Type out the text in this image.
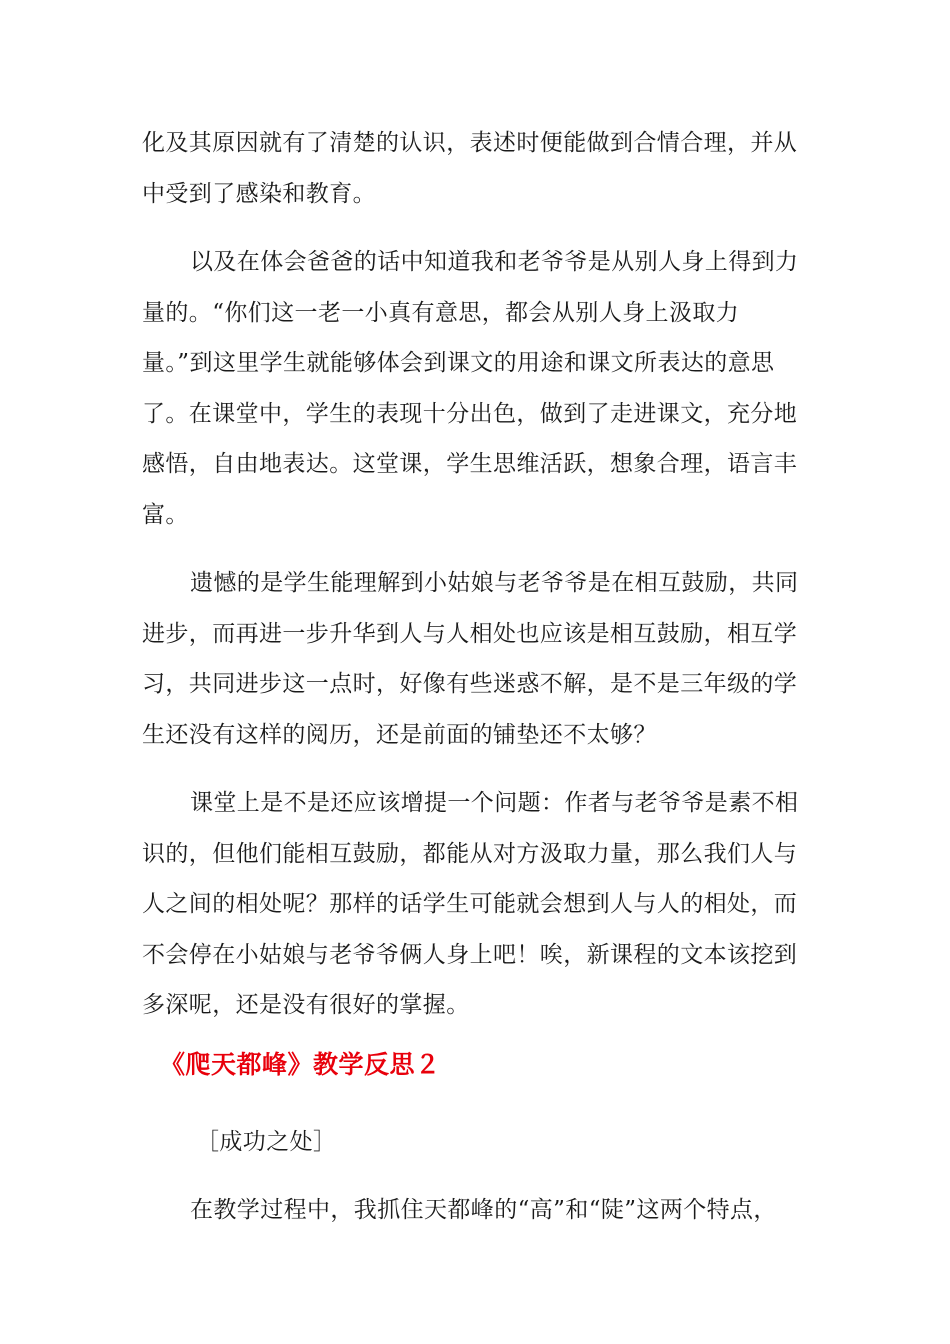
化及其原因就有了清楚的认识，表述时便能做到合情合理，并从
中受到了感染和教育。

以及在体会爸爸的话中知道我和老爷爷是从别人身上得到力
量的。“你们这一老一小真有意思，都会从别人身上汲取力
量。”到这里学生就能够体会到课文的用途和课文所表达的意思
了。在课堂中，学生的表现十分出色，做到了走进课文，充分地
感悟，自由地表达。这堂课，学生思维活跃，想象合理，语言丰
富。

遗憾的是学生能理解到小姑娘与老爷爷是在相互鼓励，共同
进步，而再进一步升华到人与人相处也应该是相互鼓励，相互学
习，共同进步这一点时，好像有些迷惑不解，是不是三年级的学
生还没有这样的阅历，还是前面的铺垫还不太够？

课堂上是不是还应该增提一个问题：作者与老爷爷是素不相
识的，但他们能相互鼓励，都能从对方汲取力量，那么我们人与
人之间的相处呢？那样的话学生可能就会想到人与人的相处，而
不会停在小姑娘与老爷爷俩人身上吧！唉，新课程的文本该挖到
多深呢，还是没有很好的掌握。

《爬天都峰》教学反思２

［成功之处］

在教学过程中，我抓住天都峰的“高”和“陡”这两个特点，
